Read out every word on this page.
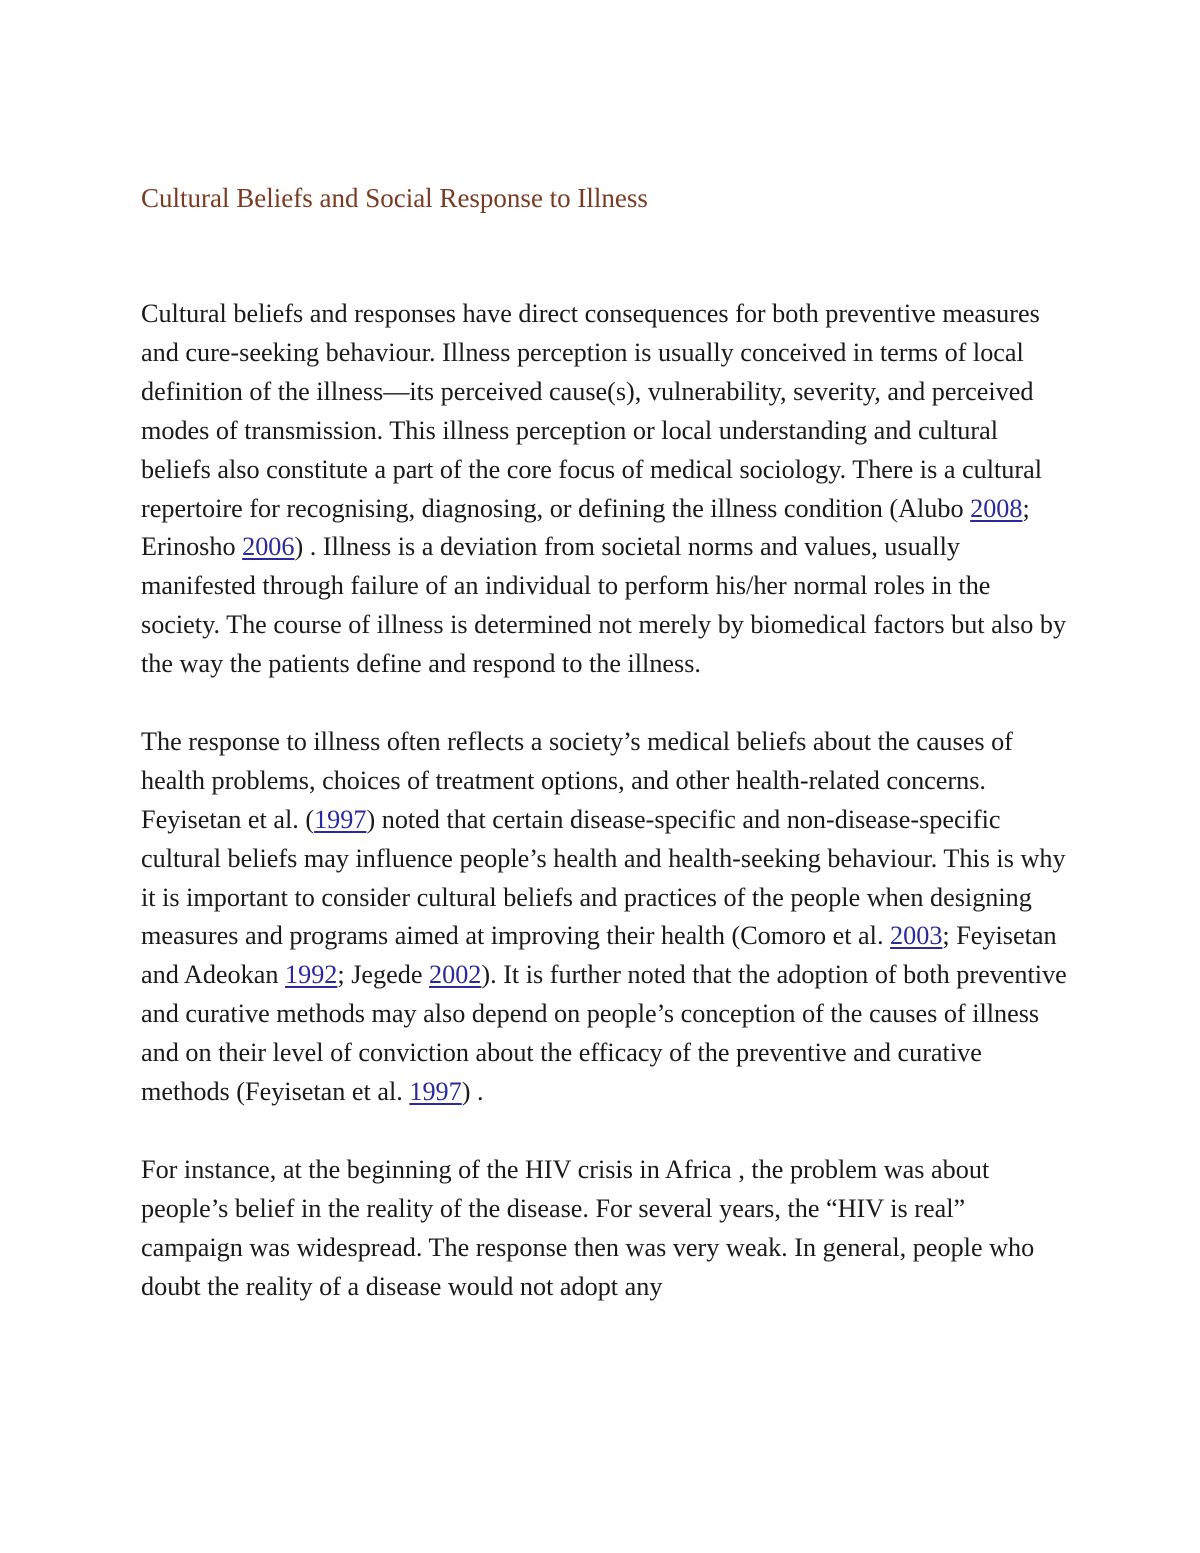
Cultural Beliefs and Social Response to Illness

Cultural beliefs and responses have direct consequences for both preventive measures and cure-seeking behaviour. Illness perception is usually conceived in terms of local definition of the illness—its perceived cause(s), vulnerability, severity, and perceived modes of transmission. This illness perception or local understanding and cultural beliefs also constitute a part of the core focus of medical sociology. There is a cultural repertoire for recognising, diagnosing, or defining the illness condition (Alubo 2008; Erinosho 2006) . Illness is a deviation from societal norms and values, usually manifested through failure of an individual to perform his/her normal roles in the society. The course of illness is determined not merely by biomedical factors but also by the way the patients define and respond to the illness.

The response to illness often reflects a society’s medical beliefs about the causes of health problems, choices of treatment options, and other health-related concerns. Feyisetan et al. (1997) noted that certain disease-specific and non-disease-specific cultural beliefs may influence people’s health and health-seeking behaviour. This is why it is important to consider cultural beliefs and practices of the people when designing measures and programs aimed at improving their health (Comoro et al. 2003; Feyisetan and Adeokan 1992; Jegede 2002). It is further noted that the adoption of both preventive and curative methods may also depend on people’s conception of the causes of illness and on their level of conviction about the efficacy of the preventive and curative methods (Feyisetan et al. 1997) .

For instance, at the beginning of the HIV crisis in Africa , the problem was about people’s belief in the reality of the disease. For several years, the “HIV is real” campaign was widespread. The response then was very weak. In general, people who doubt the reality of a disease would not adopt any
